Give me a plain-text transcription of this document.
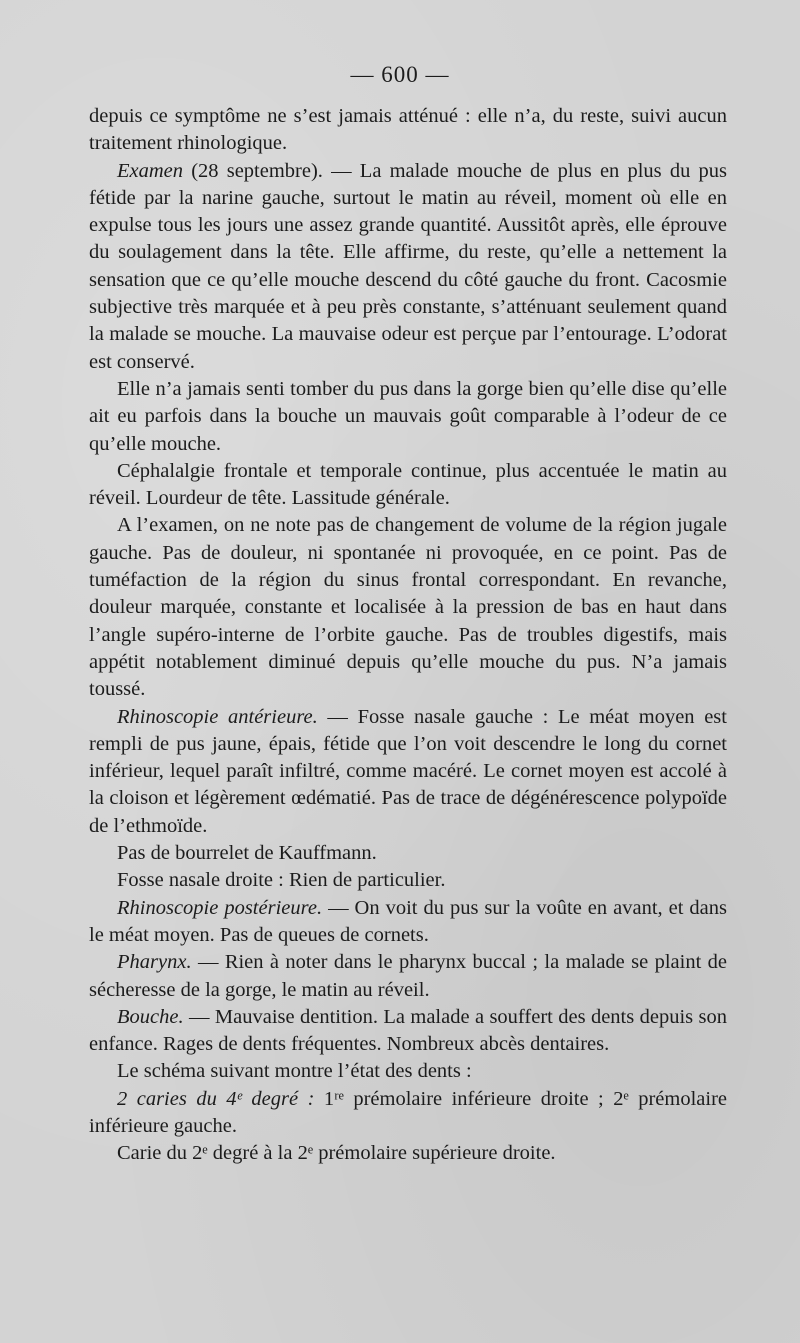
— 600 —

depuis ce symptôme ne s’est jamais atténué : elle n’a, du reste, suivi aucun traitement rhinologique.

Examen (28 septembre). — La malade mouche de plus en plus du pus fétide par la narine gauche, surtout le matin au réveil, moment où elle en expulse tous les jours une assez grande quantité. Aussitôt après, elle éprouve du soulagement dans la tête. Elle affirme, du reste, qu’elle a nettement la sensation que ce qu’elle mouche descend du côté gauche du front. Cacosmie subjective très marquée et à peu près constante, s’atténuant seulement quand la malade se mouche. La mauvaise odeur est perçue par l’entourage. L’odorat est conservé.

Elle n’a jamais senti tomber du pus dans la gorge bien qu’elle dise qu’elle ait eu parfois dans la bouche un mauvais goût comparable à l’odeur de ce qu’elle mouche.

Céphalalgie frontale et temporale continue, plus accentuée le matin au réveil. Lourdeur de tête. Lassitude générale.

A l’examen, on ne note pas de changement de volume de la région jugale gauche. Pas de douleur, ni spontanée ni provoquée, en ce point. Pas de tuméfaction de la région du sinus frontal correspondant. En revanche, douleur marquée, constante et localisée à la pression de bas en haut dans l’angle supéro-interne de l’orbite gauche. Pas de troubles digestifs, mais appétit notablement diminué depuis qu’elle mouche du pus. N’a jamais toussé.

Rhinoscopie antérieure. — Fosse nasale gauche : Le méat moyen est rempli de pus jaune, épais, fétide que l’on voit descendre le long du cornet inférieur, lequel paraît infiltré, comme macéré. Le cornet moyen est accolé à la cloison et légèrement œdématié. Pas de trace de dégénérescence polypoïde de l’ethmoïde.

Pas de bourrelet de Kauffmann.

Fosse nasale droite : Rien de particulier.

Rhinoscopie postérieure. — On voit du pus sur la voûte en avant, et dans le méat moyen. Pas de queues de cornets.

Pharynx. — Rien à noter dans le pharynx buccal ; la malade se plaint de sécheresse de la gorge, le matin au réveil.

Bouche. — Mauvaise dentition. La malade a souffert des dents depuis son enfance. Rages de dents fréquentes. Nombreux abcès dentaires.

Le schéma suivant montre l’état des dents :

2 caries du 4ᵉ degré : 1ʳᵉ prémolaire inférieure droite ; 2ᵉ prémolaire inférieure gauche.

Carie du 2ᵉ degré à la 2ᵉ prémolaire supérieure droite.
